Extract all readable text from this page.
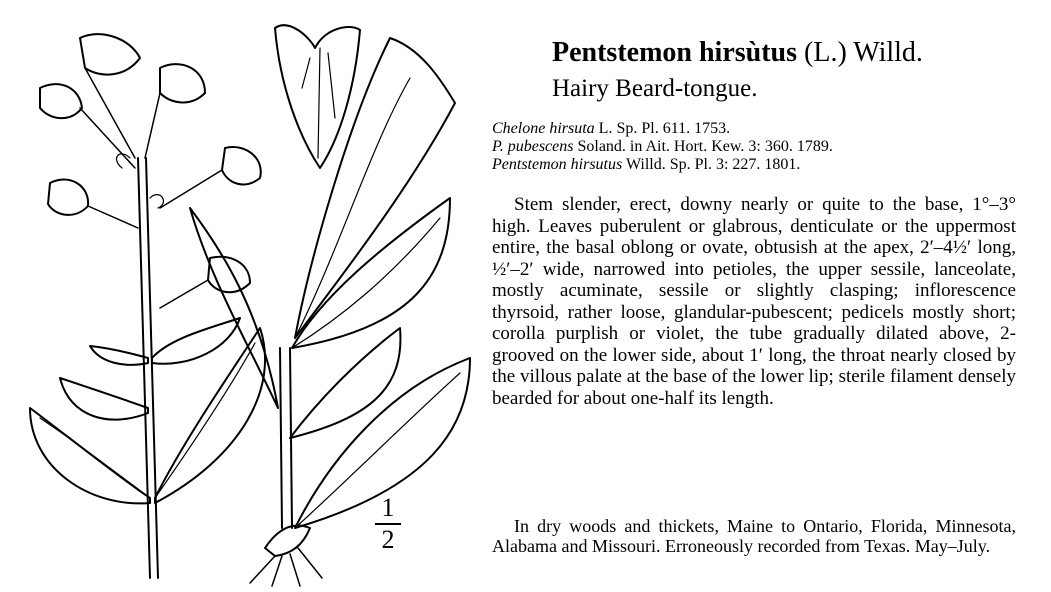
1
2
Pentstemon hirsùtus (L.) Willd.
Hairy Beard-tongue.
Chelone hirsuta L. Sp. Pl. 611. 1753.
P. pubescens Soland. in Ait. Hort. Kew. 3: 360. 1789.
Pentstemon hirsutus Willd. Sp. Pl. 3: 227. 1801.

Stem slender, erect, downy nearly or quite to the base, 1°–3° high. Leaves puberulent or glabrous, denticulate or the uppermost entire, the basal oblong or ovate, obtusish at the apex, 2′–4½′ long, ½′–2′ wide, narrowed into petioles, the upper sessile, lanceolate, mostly acuminate, sessile or slightly clasping; inflorescence thyrsoid, rather loose, glandular-pubescent; pedicels mostly short; corolla purplish or violet, the tube gradually dilated above, 2-grooved on the lower side, about 1′ long, the throat nearly closed by the villous palate at the base of the lower lip; sterile filament densely bearded for about one-half its length.

In dry woods and thickets, Maine to Ontario, Florida, Minnesota, Alabama and Missouri. Erroneously recorded from Texas. May–July.
